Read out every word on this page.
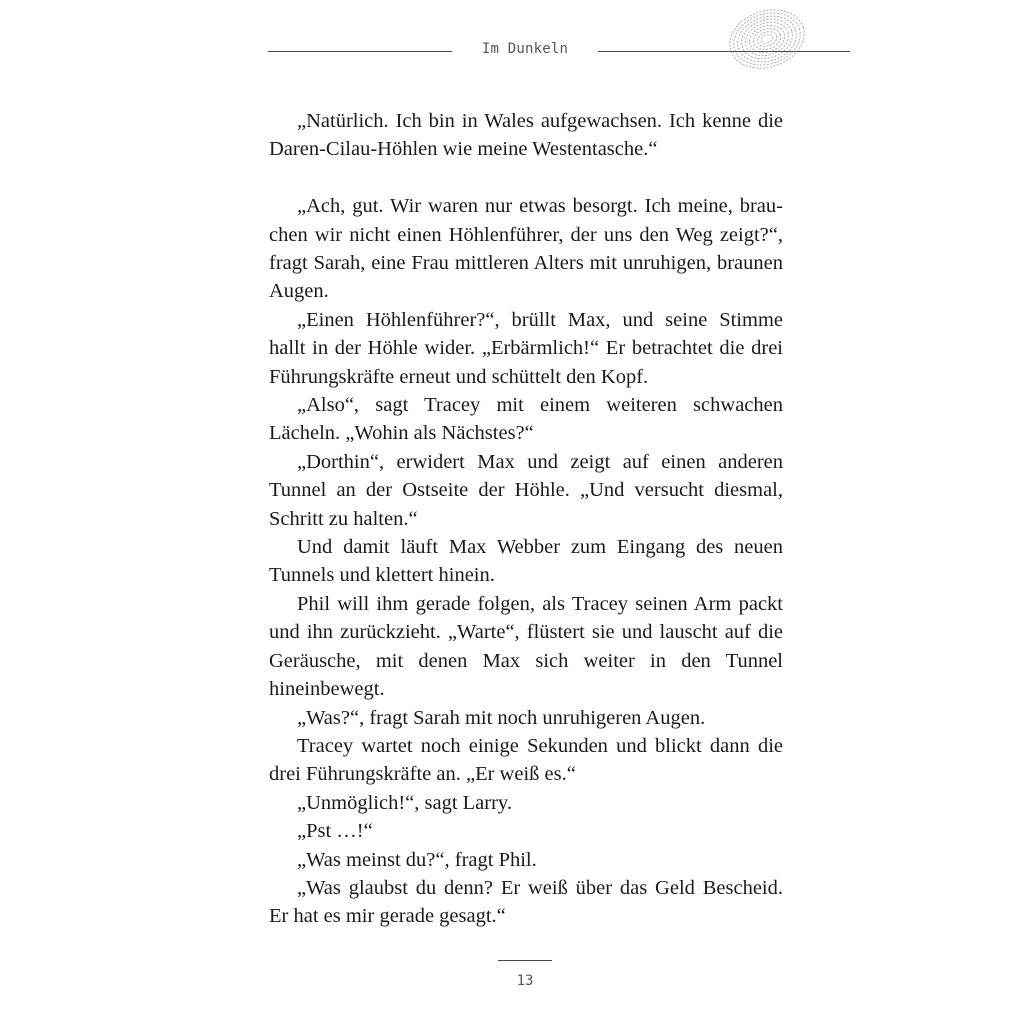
Im Dunkeln

„Natürlich. Ich bin in Wales aufgewachsen. Ich kenne die Daren-Cilau-Höhlen wie meine Westentasche.“

„Ach, gut. Wir waren nur etwas besorgt. Ich meine, brauchen wir nicht einen Höhlenführer, der uns den Weg zeigt?“, fragt Sarah, eine Frau mittleren Alters mit unruhigen, braunen Augen.

„Einen Höhlenführer?“, brüllt Max, und seine Stimme hallt in der Höhle wider. „Erbärmlich!“ Er betrachtet die drei Führungskräfte erneut und schüttelt den Kopf.

„Also“, sagt Tracey mit einem weiteren schwachen Lächeln. „Wohin als Nächstes?“

„Dorthin“, erwidert Max und zeigt auf einen anderen Tunnel an der Ostseite der Höhle. „Und versucht diesmal, Schritt zu halten.“

Und damit läuft Max Webber zum Eingang des neuen Tunnels und klettert hinein.

Phil will ihm gerade folgen, als Tracey seinen Arm packt und ihn zurückzieht. „Warte“, flüstert sie und lauscht auf die Geräusche, mit denen Max sich weiter in den Tunnel hineinbewegt.

„Was?“, fragt Sarah mit noch unruhigeren Augen.

Tracey wartet noch einige Sekunden und blickt dann die drei Führungskräfte an. „Er weiß es.“

„Unmöglich!“, sagt Larry.

„Pst …!“

„Was meinst du?“, fragt Phil.

„Was glaubst du denn? Er weiß über das Geld Bescheid. Er hat es mir gerade gesagt.“

13
